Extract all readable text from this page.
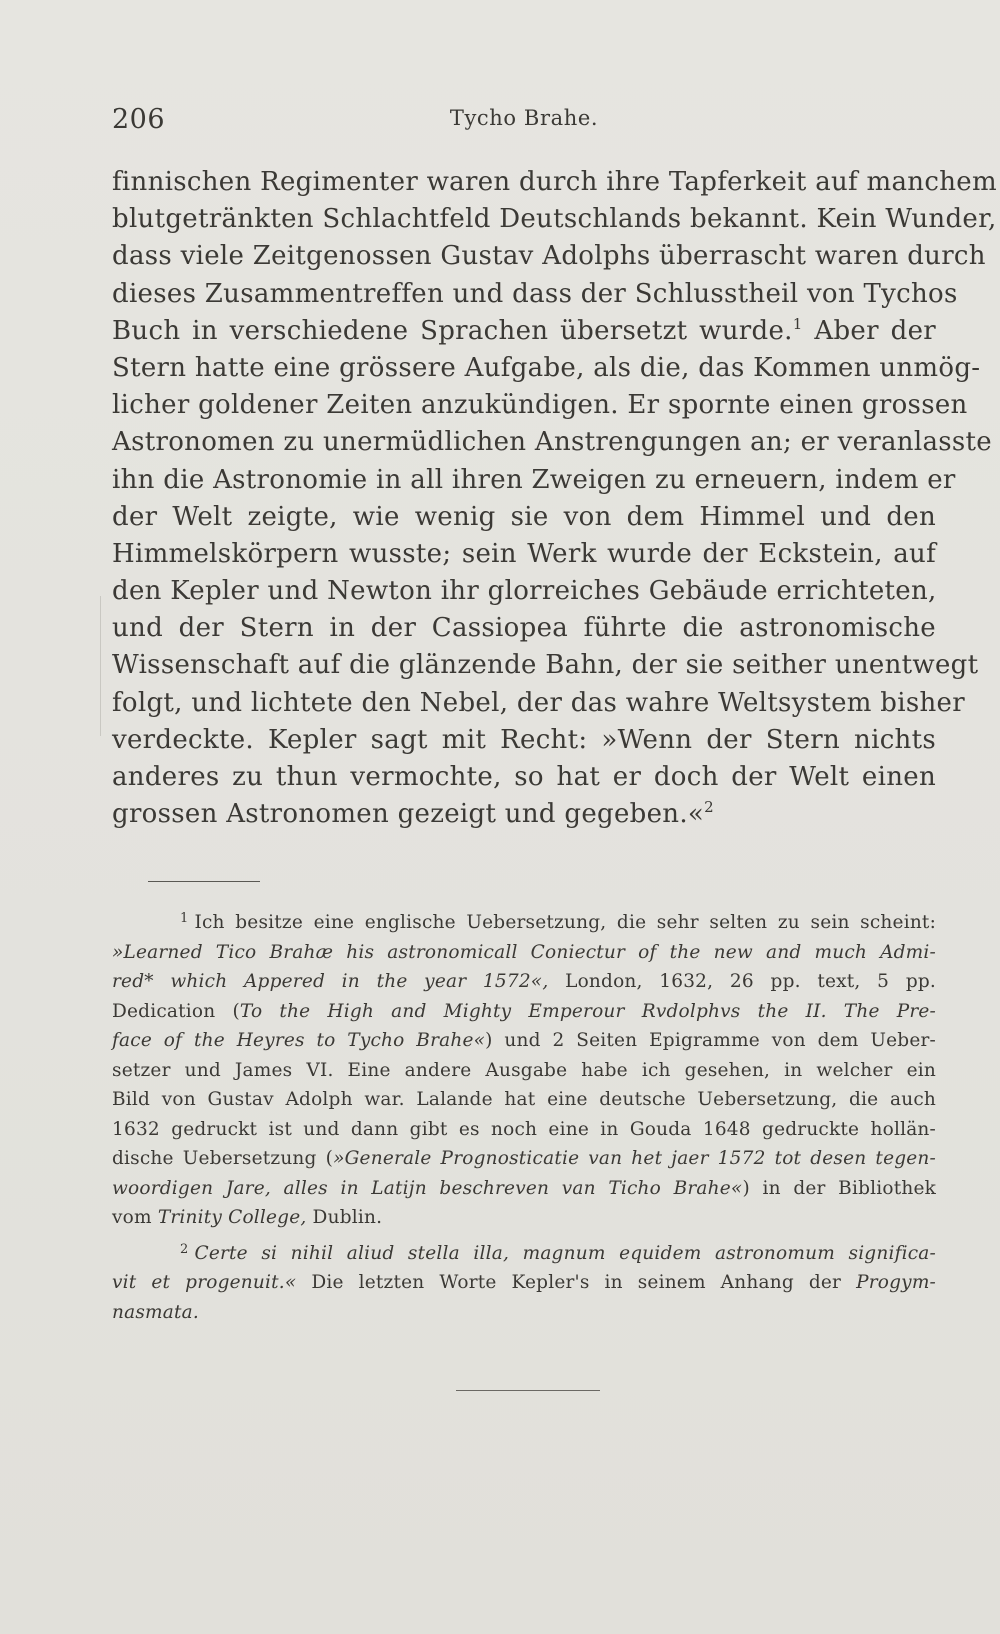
206	Tycho Brahe.
finnischen Regimenter waren durch ihre Tapferkeit auf manchem
blutgetränkten Schlachtfeld Deutschlands bekannt. Kein Wunder,
dass viele Zeitgenossen Gustav Adolphs überrascht waren durch
dieses Zusammentreffen und dass der Schlusstheil von Tychos
Buch in verschiedene Sprachen übersetzt wurde.$^1$ Aber der
Stern hatte eine grössere Aufgabe, als die, das Kommen unmög-
licher goldener Zeiten anzukündigen. Er spornte einen grossen
Astronomen zu unermüdlichen Anstrengungen an; er veranlasste
ihn die Astronomie in all ihren Zweigen zu erneuern, indem er
der Welt zeigte, wie wenig sie von dem Himmel und den
Himmelskörpern wusste; sein Werk wurde der Eckstein, auf
den Kepler und Newton ihr glorreiches Gebäude errichteten,
und der Stern in der Cassiopea führte die astronomische
Wissenschaft auf die glänzende Bahn, der sie seither unentwegt
folgt, und lichtete den Nebel, der das wahre Weltsystem bisher
verdeckte. Kepler sagt mit Recht: »Wenn der Stern nichts
anderes zu thun vermochte, so hat er doch der Welt einen
grossen Astronomen gezeigt und gegeben.«$^2$
$^1$ Ich besitze eine englische Uebersetzung, die sehr selten zu sein scheint:
»Learned Tico Brahæ his astronomicall Coniectur of the new and much Admi-
red* which Appered in the year 1572«, London, 1632, 26 pp. text, 5 pp.
Dedication (To the High and Mighty Emperour Rvdolphvs the II. The Pre-
face of the Heyres to Tycho Brahe«) und 2 Seiten Epigramme von dem Ueber-
setzer und James VI. Eine andere Ausgabe habe ich gesehen, in welcher ein
Bild von Gustav Adolph war. Lalande hat eine deutsche Uebersetzung, die auch
1632 gedruckt ist und dann gibt es noch eine in Gouda 1648 gedruckte hollän-
dische Uebersetzung (»Generale Prognosticatie van het jaer 1572 tot desen tegen-
woordigen Jare, alles in Latijn beschreven van Ticho Brahe«) in der Bibliothek
vom Trinity College, Dublin.
$^2$ Certe si nihil aliud stella illa, magnum equidem astronomum significa-
vit et progenuit.« Die letzten Worte Kepler's in seinem Anhang der Progym-
nasmata.
